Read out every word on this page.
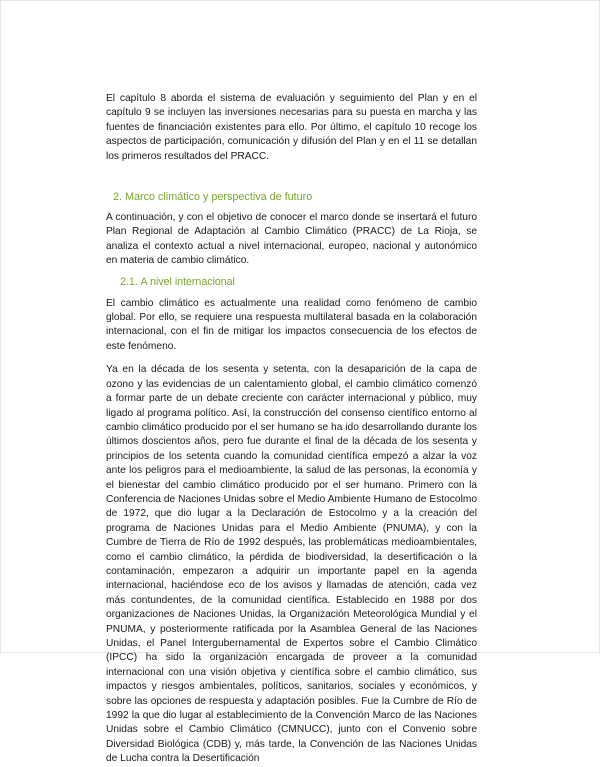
El capítulo 8 aborda el sistema de evaluación y seguimiento del Plan y en el capítulo 9 se incluyen las inversiones necesarias para su puesta en marcha y las fuentes de financiación existentes para ello. Por último, el capítulo 10 recoge los aspectos de participación, comunicación y difusión del Plan y en el 11 se detallan los primeros resultados del PRACC.

2. Marco climático y perspectiva de futuro

A continuación, y con el objetivo de conocer el marco donde se insertará el futuro Plan Regional de Adaptación al Cambio Climático (PRACC) de La Rioja, se analiza el contexto actual a nivel internacional, europeo, nacional y autonómico en materia de cambio climático.

2.1. A nivel internacional

El cambio climático es actualmente una realidad como fenómeno de cambio global. Por ello, se requiere una respuesta multilateral basada en la colaboración internacional, con el fin de mitigar los impactos consecuencia de los efectos de este fenómeno.

Ya en la década de los sesenta y setenta, con la desaparición de la capa de ozono y las evidencias de un calentamiento global, el cambio climático comenzó a formar parte de un debate creciente con carácter internacional y público, muy ligado al programa político. Así, la construcción del consenso científico entorno al cambio climático producido por el ser humano se ha ido desarrollando durante los últimos doscientos años, pero fue durante el final de la década de los sesenta y principios de los setenta cuando la comunidad científica empezó a alzar la voz ante los peligros para el medioambiente, la salud de las personas, la economía y el bienestar del cambio climático producido por el ser humano. Primero con la Conferencia de Naciones Unidas sobre el Medio Ambiente Humano de Estocolmo de 1972, que dio lugar a la Declaración de Estocolmo y a la creación del programa de Naciones Unidas para el Medio Ambiente (PNUMA), y con la Cumbre de Tierra de Río de 1992 después, las problemáticas medioambientales, como el cambio climático, la pérdida de biodiversidad, la desertificación o la contaminación, empezaron a adquirir un importante papel en la agenda internacional, haciéndose eco de los avisos y llamadas de atención, cada vez más contundentes, de la comunidad científica. Establecido en 1988 por dos organizaciones de Naciones Unidas, la Organización Meteorológica Mundial y el PNUMA, y posteriormente ratificada por la Asamblea General de las Naciones Unidas, el Panel Intergubernamental de Expertos sobre el Cambio Climático (IPCC) ha sido la organización encargada de proveer a la comunidad internacional con una visión objetiva y científica sobre el cambio climático, sus impactos y riesgos ambientales, políticos, sanitarios, sociales y económicos, y sobre las opciones de respuesta y adaptación posibles. Fue la Cumbre de Río de 1992 la que dio lugar al establecimiento de la Convención Marco de las Naciones Unidas sobre el Cambio Climático (CMNUCC), junto con el Convenio sobre Diversidad Biológica (CDB) y, más tarde, la Convención de las Naciones Unidas de Lucha contra la Desertificación
